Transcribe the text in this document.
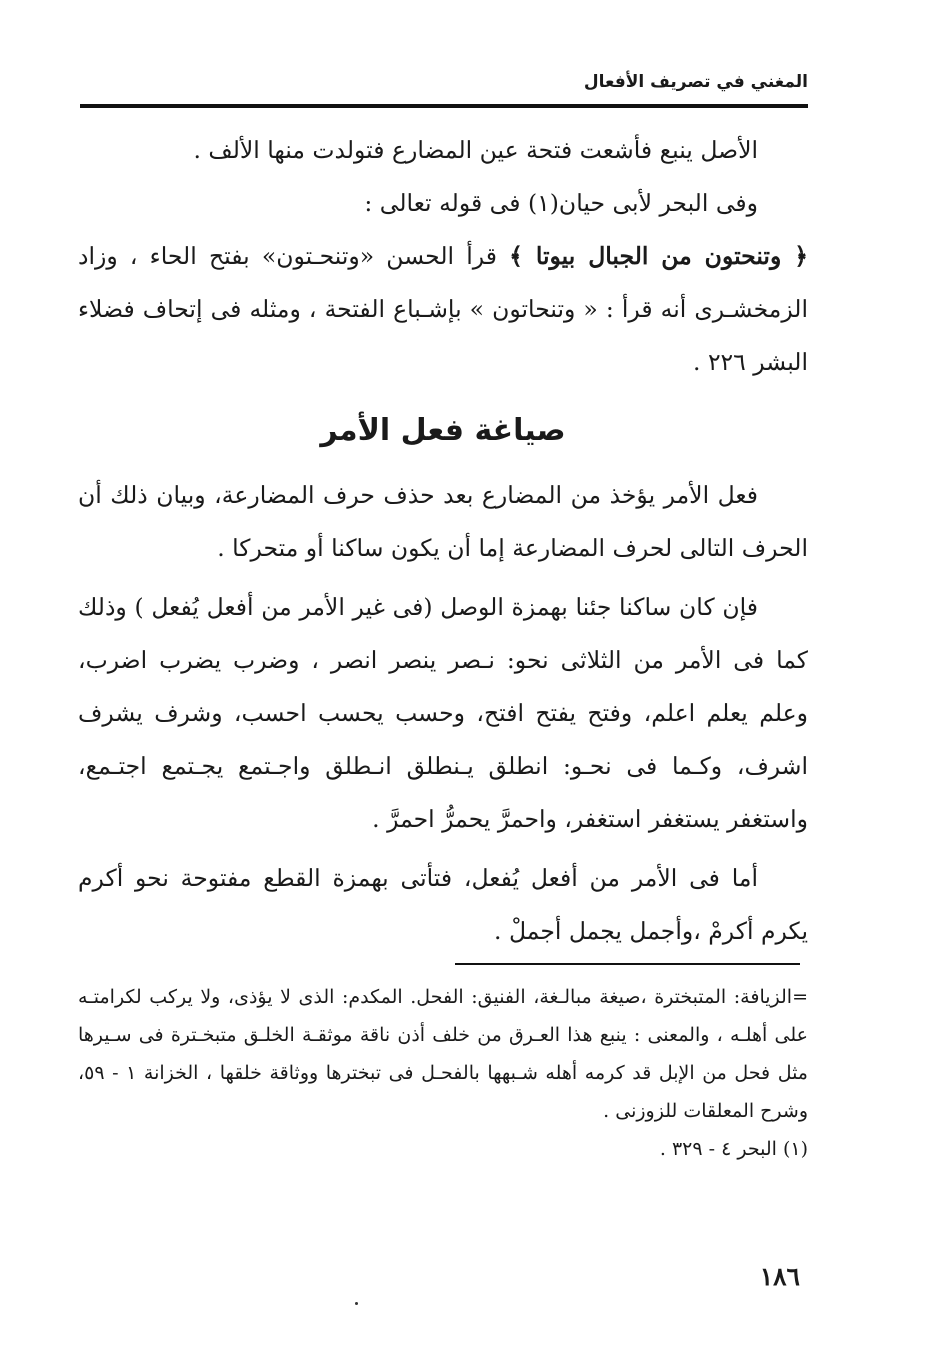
المغني في تصريف الأفعال

الأصل ينبع فأشعت فتحة عين المضارع فتولدت منها الألف .

وفى البحر لأبى حيان(١) فى قوله تعالى :

﴿ وتنحتون من الجبال بيوتا ﴾ قرأ الحسن «وتنحـتون» بفتح الحاء ، وزاد الزمخشـرى أنه قرأ : « وتنحاتون » بإشـباع الفتحة ، ومثله فى إتحاف فضلاء البشر ٢٢٦ .

صياغة فعل الأمر

فعل الأمر يؤخذ من المضارع بعد حذف حرف المضارعة، وبيان ذلك أن الحرف التالى لحرف المضارعة إما أن يكون ساكنا أو متحركا .

فإن كان ساكنا جئنا بهمزة الوصل (فى غير الأمر من أفعل يُفعل ) وذلك كما فى الأمر من الثلاثى نحو: نـصر ينصر انصر ، وضرب يضرب اضرب، وعلم يعلم اعلم، وفتح يفتح افتح، وحسب يحسب احسب، وشرف يشرف اشرف، وكـما فى نحـو: انطلق يـنطلق انـطلق واجـتمع يجـتمع اجتـمع، واستغفر يستغفر استغفر، واحمرَّ يحمرُّ احمرَّ .

أما فى الأمر من أفعل يُفعل، فتأتى بهمزة القطع مفتوحة نحو أكرم يكرم أكرمْ ،وأجمل يجمل أجملْ .

=الزيافة: المتبخترة ،صيغة مبالـغة، الفنيق: الفحل. المكدم: الذى لا يؤذى، ولا يركب لكرامتـه على أهلـه ، والمعنى : ينبع هذا العـرق من خلف أذن ناقة موثقـة الخلـق متبخـترة فى سـيرها مثل فحل من الإبل قد كرمه أهله شـبهها بالفحـل فى تبخترها ووثاقة خلقها ، الخزانة ١ - ٥٩، وشرح المعلقات للزوزنى .

(١) البحر ٤ - ٣٢٩ .

١٨٦
